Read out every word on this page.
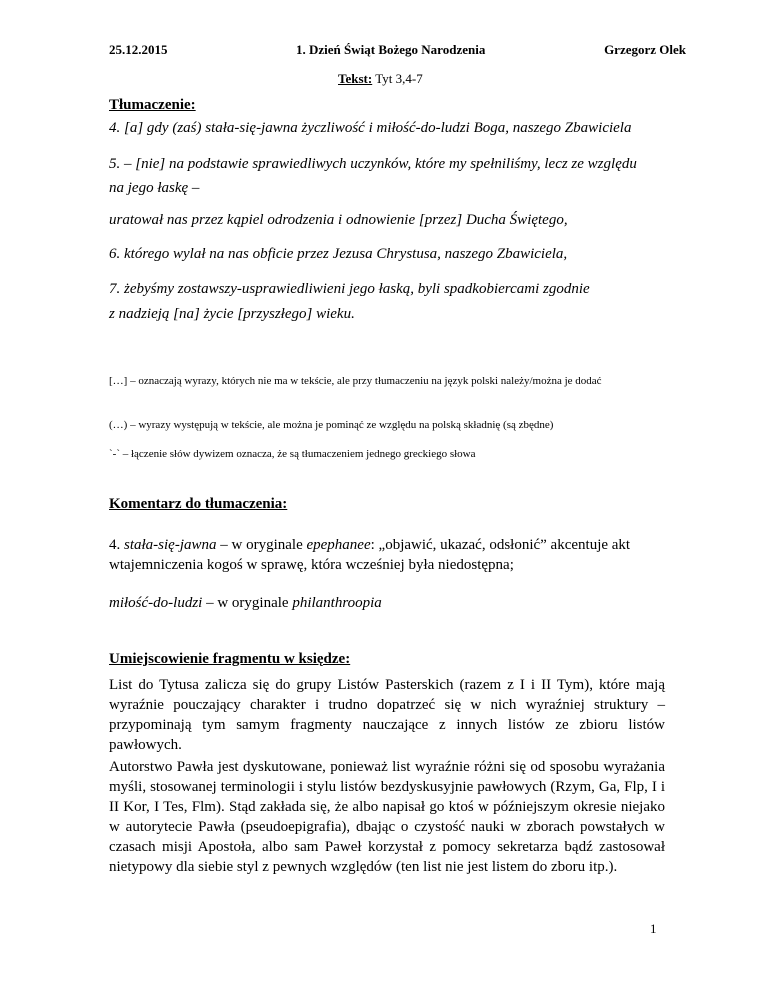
25.12.2015	1. Dzień Świąt Bożego Narodzenia	Grzegorz Olek
Tekst: Tyt 3,4-7
Tłumaczenie:
4. [a] gdy (zaś) stała-się-jawna życzliwość i miłość-do-ludzi Boga, naszego Zbawiciela
5. – [nie] na podstawie sprawiedliwych uczynków, które my spełniliśmy, lecz ze względu
na jego łaskę –
uratował nas przez kąpiel odrodzenia i odnowienie [przez] Ducha Świętego,
6. którego wylał na nas obficie przez Jezusa Chrystusa, naszego Zbawiciela,
7. żebyśmy zostawszy-usprawiedliwieni jego łaską, byli spadkobiercami zgodnie
z nadzieją [na] życie [przyszłego] wieku.
[…] – oznaczają wyrazy, których nie ma w tekście, ale przy tłumaczeniu na język polski należy/można je dodać
(…) – wyrazy występują w tekście, ale można je pominąć ze względu na polską składnię (są zbędne)
`-` – łączenie słów dywizem oznacza, że są tłumaczeniem jednego greckiego słowa
Komentarz do tłumaczenia:
4. stała-się-jawna – w oryginale epephanee: „objawić, ukazać, odsłonić” akcentuje akt wtajemniczenia kogoś w sprawę, która wcześniej była niedostępna;
miłość-do-ludzi – w oryginale philanthroopia
Umiejscowienie fragmentu w księdze:
List do Tytusa zalicza się do grupy Listów Pasterskich (razem z I i II Tym), które mają wyraźnie pouczający charakter i trudno dopatrzeć się w nich wyraźniej struktury – przypominają tym samym fragmenty nauczające z innych listów ze zbioru listów pawłowych.
Autorstwo Pawła jest dyskutowane, ponieważ list wyraźnie różni się od sposobu wyrażania myśli, stosowanej terminologii i stylu listów bezdyskusyjnie pawłowych (Rzym, Ga, Flp, I i II Kor, I Tes, Flm). Stąd zakłada się, że albo napisał go ktoś w późniejszym okresie niejako w autorytecie Pawła (pseudoepigrafia), dbając o czystość nauki w zborach powstałych w czasach misji Apostoła, albo sam Paweł korzystał z pomocy sekretarza bądź zastosował nietypowy dla siebie styl z pewnych względów (ten list nie jest listem do zboru itp.).
1
